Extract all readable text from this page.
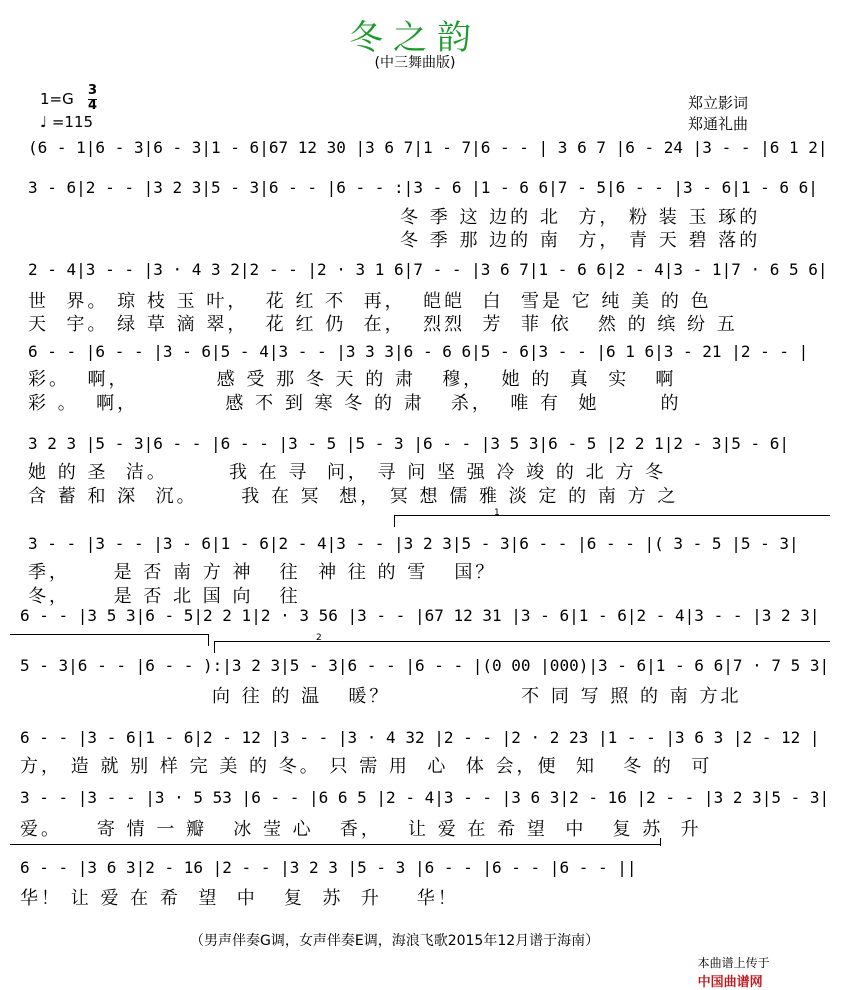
冬之韵
(中三舞曲版)
1=G 3
4
♩ =115
郑立影词
郑通礼曲
(6 - 1|6 - 3|6 - 3|1 - 6|67 12 30 |3 6 7|1 - 7|6 - - | 3 6 7 |6 - 24 |3 - - |6 1 2|
3 - 6|2 - - |3 2 3|5 - 3|6 - - |6 - - :|3 - 6 |1 - 6 6|7 - 5|6 - - |3 - 6|1 - 6 6|
冬 季 这 边的 北  方， 粉 装 玉 琢的
冬 季 那 边的 南  方， 青 天 碧 落的
2 - 4|3 - - |3 · 4 3 2|2 - - |2 · 3 1 6|7 - - |3 6 7|1 - 6 6|2 - 4|3 - 1|7 · 6 5 6|
世  界。 琼 枝 玉 叶，  花 红 不  再，  皑皑  白  雪是 它 纯 美 的 色
天  宇。 绿 草 滴 翠，  花 红 仍  在，  烈烈  芳  菲 依   然 的 缤 纷 五
6 - - |6 - - |3 - 6|5 - 4|3 - - |3 3 3|6 - 6 6|5 - 6|3 - - |6 1 6|3 - 21 |2 - - |
彩。  啊，          感 受 那 冬 天 的 肃   穆，  她 的  真  实   啊
彩 。  啊，          感 不 到 寒 冬 的 肃   杀，  唯 有  她       的
3 2 3 |5 - 3|6 - - |6 - - |3 - 5 |5 - 3 |6 - - |3 5 3|6 - 5 |2 2 1|2 - 3|5 - 6|
她 的 圣  洁。       我 在 寻  问， 寻 问 坚 强 冷 竣 的 北 方 冬
含 蓄 和 深  沉。     我 在 冥  想， 冥 想 儒 雅 淡 定 的 南 方 之
1
3 - - |3 - - |3 - 6|1 - 6|2 - 4|3 - - |3 2 3|5 - 3|6 - - |6 - - |( 3 - 5 |5 - 3|
季，     是 否 南 方 神   往  神 往 的 雪   国？
冬，     是 否 北 国 向   往
6 - - |3 5 3|6 - 5|2 2 1|2 · 3 56 |3 - - |67 12 31 |3 - 6|1 - 6|2 - 4|3 - - |3 2 3|
2
5 - 3|6 - - |6 - - ):|3 2 3|5 - 3|6 - - |6 - - |(0 00 |000)|3 - 6|1 - 6 6|7 · 7 5 3|
向 往 的 温   暖？               不 同 写 照 的 南 方北
6 - - |3 - 6|1 - 6|2 - 12 |3 - - |3 · 4 32 |2 - - |2 · 2 23 |1 - - |3 6 3 |2 - 12 |
方， 造 就 别 样 完 美 的 冬。 只 需 用  心  体 会，便  知   冬 的  可
3 - - |3 - - |3 · 5 53 |6 - - |6 6 5 |2 - 4|3 - - |3 6 3|2 - 16 |2 - - |3 2 3|5 - 3|
爱。    寄 情 一 瓣   冰 莹 心   香，   让 爱 在 希 望  中   复 苏  升
6 - - |3 6 3|2 - 16 |2 - - |3 2 3 |5 - 3 |6 - - |6 - - |6 - - ||
华！ 让 爱 在 希  望  中   复  苏  升    华！
（男声伴奏G调，女声伴奏E调，海浪飞歌2015年12月谱于海南）

本曲谱上传于
中国曲谱网
